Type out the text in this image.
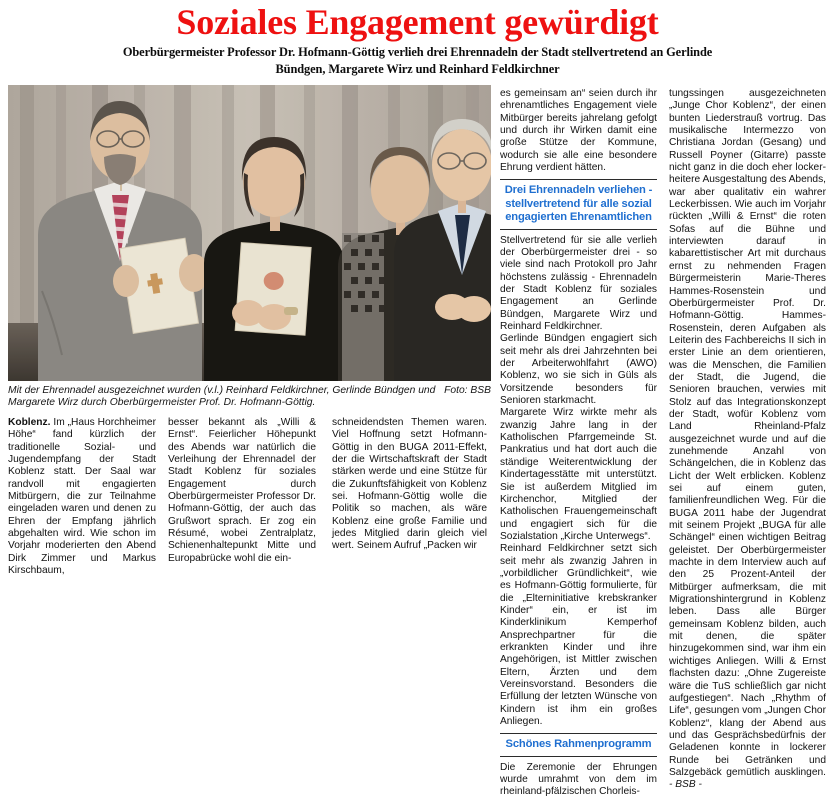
Soziales Engagement gewürdigt
Oberbürgermeister Professor Dr. Hofmann-Göttig verlieh drei Ehrennadeln der Stadt stellvertretend an Gerlinde Bündgen, Margarete Wirz und Reinhard Feldkirchner
Foto: BSB
Mit der Ehrennadel ausgezeichnet wurden (v.l.) Reinhard Feldkirchner, Gerlinde Bündgen und Margarete Wirz durch Oberbürgermeister Prof. Dr. Hofmann-Göttig.

Koblenz. Im „Haus Horchheimer Höhe“ fand kürzlich der traditionelle Sozial- und Jugendempfang der Stadt Koblenz statt. Der Saal war randvoll mit engagierten Mitbürgern, die zur Teilnahme eingeladen waren und denen zu Ehren der Empfang jährlich abgehalten wird. Wie schon im Vorjahr moderierten den Abend Dirk Zimmer und Markus Kirschbaum,

besser bekannt als „Willi & Ernst“. Feierlicher Höhepunkt des Abends war natürlich die Verleihung der Ehrennadel der Stadt Koblenz für soziales Engagement durch Oberbürgermeister Professor Dr. Hofmann-Göttig, der auch das Grußwort sprach. Er zog ein Résumé, wobei Zentralplatz, Schienenhaltepunkt Mitte und Europabrücke wohl die ein-

schneidendsten Themen waren. Viel Hoffnung setzt Hofmann-Göttig in den BUGA 2011-Effekt, der die Wirtschaftskraft der Stadt stärken werde und eine Stütze für die Zukunftsfähigkeit von Koblenz sei. Hofmann-Göttig wolle die Politik so machen, als wäre Koblenz eine große Familie und jedes Mitglied darin gleich viel wert. Seinem Aufruf „Packen wir

es gemeinsam an“ seien durch ihr ehrenamtliches Engagement viele Mitbürger bereits jahrelang gefolgt und durch ihr Wirken damit eine große Stütze der Kommune, wodurch sie alle eine besondere Ehrung verdient hätten.

Drei Ehrennadeln verliehen - stellvertretend für alle sozial engagierten Ehrenamtlichen

Stellvertretend für sie alle verlieh der Oberbürgermeister drei - so viele sind nach Protokoll pro Jahr höchstens zulässig - Ehrennadeln der Stadt Koblenz für soziales Engagement an Gerlinde Bündgen, Margarete Wirz und Reinhard Feldkirchner.

Gerlinde Bündgen engagiert sich seit mehr als drei Jahrzehnten bei der Arbeiterwohlfahrt (AWO) Koblenz, wo sie sich in Güls als Vorsitzende besonders für Senioren starkmacht.

Margarete Wirz wirkte mehr als zwanzig Jahre lang in der Katholischen Pfarrgemeinde St. Pankratius und hat dort auch die ständige Weiterentwicklung der Kindertagesstätte mit unterstützt. Sie ist außerdem Mitglied im Kirchenchor, Mitglied der Katholischen Frauengemeinschaft und engagiert sich für die Sozialstation „Kirche Unterwegs“.

Reinhard Feldkirchner setzt sich seit mehr als zwanzig Jahren in „vorbildlicher Gründlichkeit“, wie es Hofmann-Göttig formulierte, für die „Elterninitiative krebskranker Kinder“ ein, er ist im Kinderklinikum Kemperhof Ansprechpartner für die erkrankten Kinder und ihre Angehörigen, ist Mittler zwischen Eltern, Ärzten und dem Vereinsvorstand. Besonders die Erfüllung der letzten Wünsche von Kindern ist ihm ein großes Anliegen.

Schönes Rahmenprogramm

Die Zeremonie der Ehrungen wurde umrahmt von dem im rheinland-pfälzischen Chorleis-

tungssingen ausgezeichneten „Junge Chor Koblenz“, der einen bunten Liederstrauß vortrug. Das musikalische Intermezzo von Christiana Jordan (Gesang) und Russell Poyner (Gitarre) passte nicht ganz in die doch eher locker-heitere Ausgestaltung des Abends, war aber qualitativ ein wahrer Leckerbissen. Wie auch im Vorjahr rückten „Willi & Ernst“ die roten Sofas auf die Bühne und interviewten darauf in kabarettistischer Art mit durchaus ernst zu nehmenden Fragen Bürgermeisterin Marie-Theres Hammes-Rosenstein und Oberbürgermeister Prof. Dr. Hofmann-Göttig. Hammes-Rosenstein, deren Aufgaben als Leiterin des Fachbereichs II sich in erster Linie an dem orientieren, was die Menschen, die Familien der Stadt, die Jugend, die Senioren brauchen, verwies mit Stolz auf das Integrationskonzept der Stadt, wofür Koblenz vom Land Rheinland-Pfalz ausgezeichnet wurde und auf die zunehmende Anzahl von Schängelchen, die in Koblenz das Licht der Welt erblicken. Koblenz sei auf einem guten, familienfreundlichen Weg. Für die BUGA 2011 habe der Jugendrat mit seinem Projekt „BUGA für alle Schängel“ einen wichtigen Beitrag geleistet. Der Oberbürgermeister machte in dem Interview auch auf den 25 Prozent-Anteil der Mitbürger aufmerksam, die mit Migrationshintergrund in Koblenz leben. Dass alle Bürger gemeinsam Koblenz bilden, auch mit denen, die später hinzugekommen sind, war ihm ein wichtiges Anliegen. Willi & Ernst flachsten dazu: „Ohne Zugereiste wäre die TuS schließlich gar nicht aufgestiegen“. Nach „Rhythm of Life“, gesungen vom „Jungen Chor Koblenz“, klang der Abend aus und das Gesprächsbedürfnis der Geladenen konnte in lockerer Runde bei Getränken und Salzgebäck gemütlich ausklingen. - BSB -
